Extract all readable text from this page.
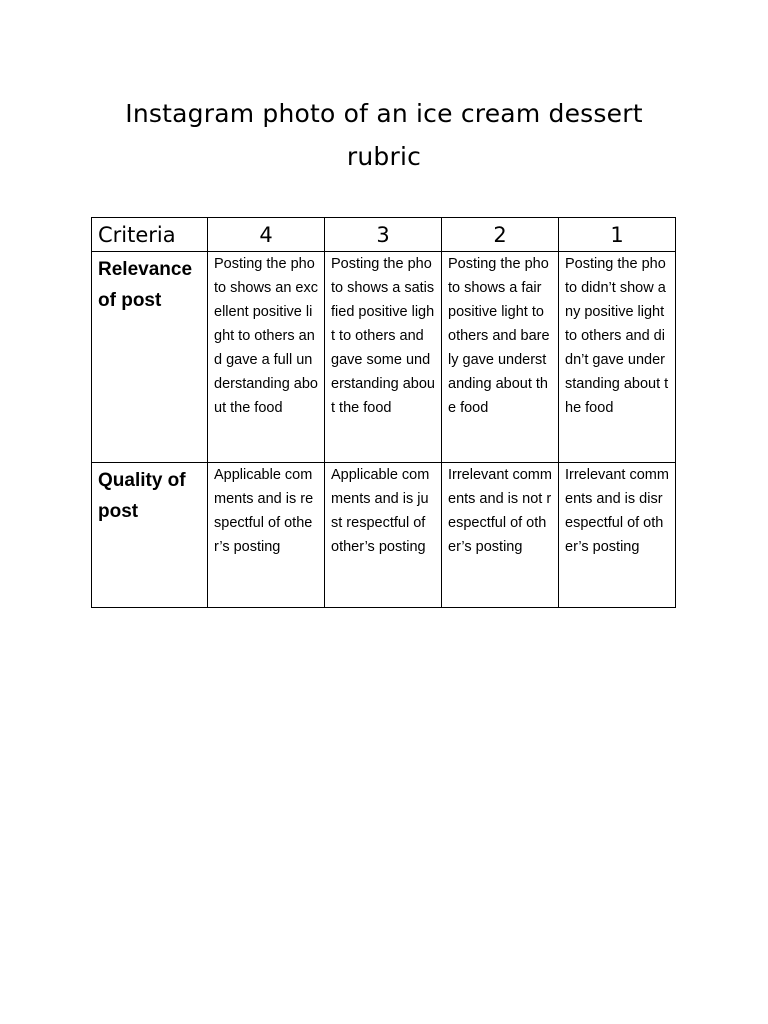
Instagram photo of an ice cream dessert
rubric
Criteria	4	3	2	1

Relevance of post	Posting the photo shows an excellent positive light to others and gave a full understanding about the food	Posting the photo shows a satisfied positive light to others and gave some understanding about the food	Posting the photo shows a fair positive light to others and barely gave understanding about the food	Posting the photo didn’t show any positive light to others and didn’t gave understanding about the food

Quality of post	Applicable comments and is respectful of other’s posting	Applicable comments and is just respectful of other’s posting	Irrelevant comments and is not respectful of other’s posting	Irrelevant comments and is disrespectful of other’s posting
